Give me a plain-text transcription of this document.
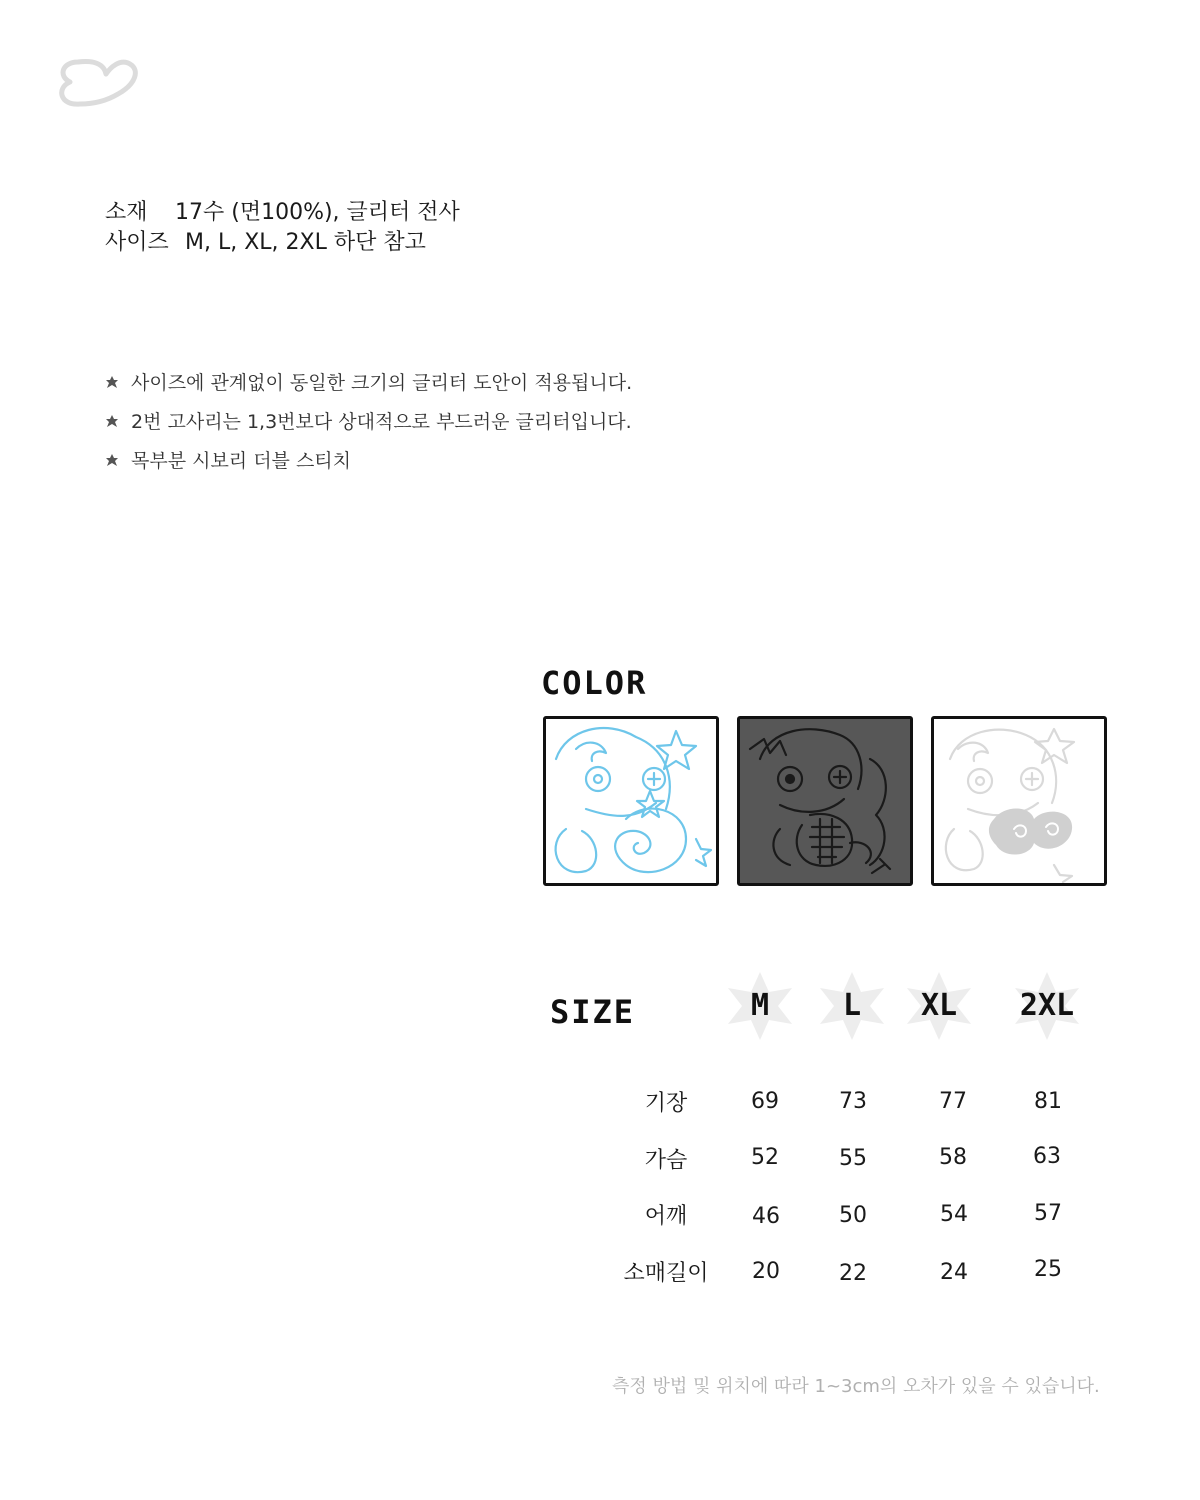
소재 17수 (면100%), 글리터 전사
사이즈 M, L, XL, 2XL 하단 참고
사이즈에 관계없이 동일한 크기의 글리터 도안이 적용됩니다.
2번 고사리는 1,3번보다 상대적으로 부드러운 글리터입니다.
목부분 시보리 더블 스티치
COLOR
SIZE	M	L	XL	2XL
기장	69	73	77	81
가슴	52	55	58	63
어깨	46	50	54	57
소매길이	20	22	24	25
측정 방법 및 위치에 따라 1~3cm의 오차가 있을 수 있습니다.
